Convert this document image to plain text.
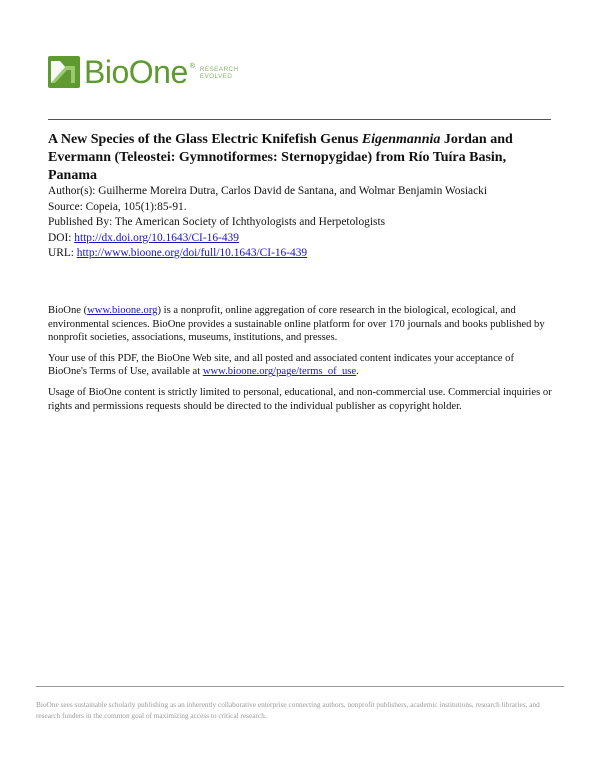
BioOne ® RESEARCH
EVOLVED
A New Species of the Glass Electric Knifefish Genus Eigenmannia Jordan and Evermann (Teleostei: Gymnotiformes: Sternopygidae) from Río Tuíra Basin, Panama
Author(s): Guilherme Moreira Dutra, Carlos David de Santana, and Wolmar Benjamin Wosiacki
Source: Copeia, 105(1):85-91.
Published By: The American Society of Ichthyologists and Herpetologists
DOI: http://dx.doi.org/10.1643/CI-16-439
URL: http://www.bioone.org/doi/full/10.1643/CI-16-439

BioOne (www.bioone.org) is a nonprofit, online aggregation of core research in the biological, ecological, and environmental sciences. BioOne provides a sustainable online platform for over 170 journals and books published by nonprofit societies, associations, museums, institutions, and presses.

Your use of this PDF, the BioOne Web site, and all posted and associated content indicates your acceptance of BioOne's Terms of Use, available at www.bioone.org/page/terms_of_use.

Usage of BioOne content is strictly limited to personal, educational, and non-commercial use. Commercial inquiries or rights and permissions requests should be directed to the individual publisher as copyright holder.

BioOne sees sustainable scholarly publishing as an inherently collaborative enterprise connecting authors, nonprofit publishers, academic institutions, research libraries, and research funders in the common goal of maximizing access to critical research.
